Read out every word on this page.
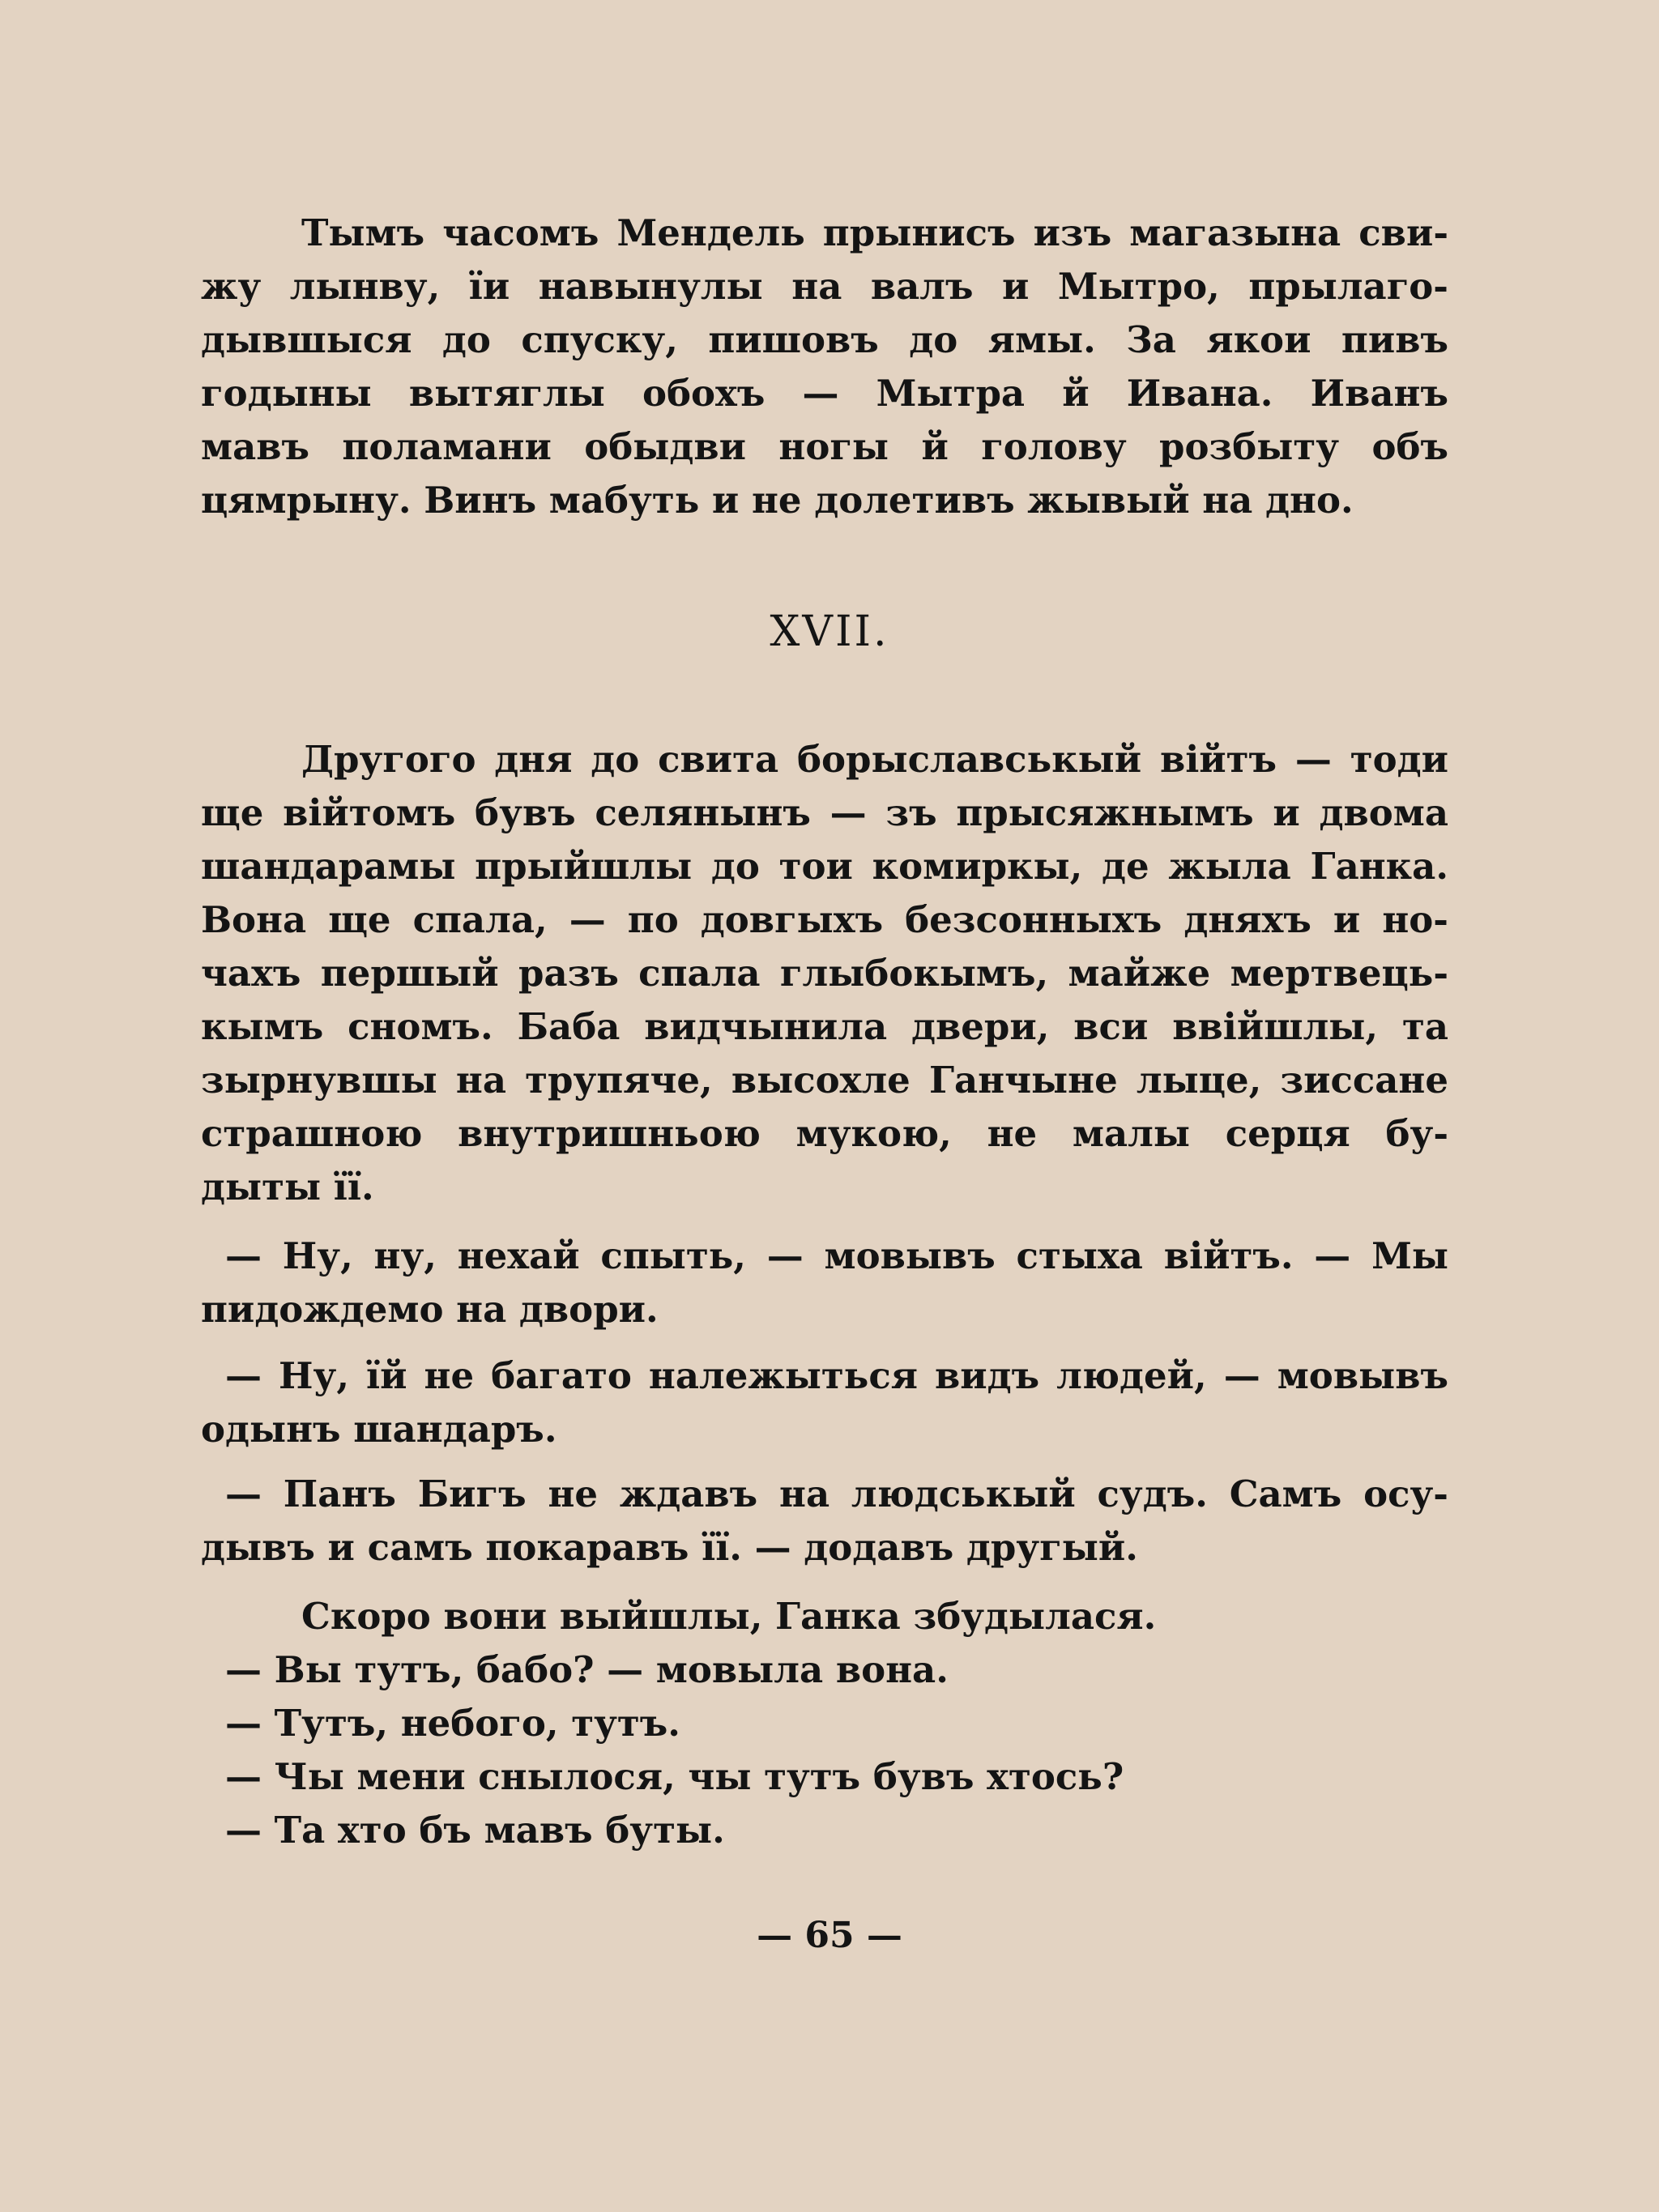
Тымъ часомъ Мендель прынисъ изъ магазына сви-
жу лынву, їи навынулы на валъ и Мытро, прылаго-
дывшыся до спуску, пишовъ до ямы. За якои пивъ
годыны вытяглы обохъ — Мытра й Ивана. Иванъ
мавъ поламани обыдви ногы й голову розбыту объ
цямрыну. Винъ мабуть и не долетивъ жывый на дно.
XVII.
Другого дня до свита борыславськый війтъ — тоди
ще війтомъ бувъ селянынъ — зъ прысяжнымъ и двома
шандарамы прыйшлы до тои комиркы, де жыла Ганка.
Вона ще спала, — по довгыхъ безсонныхъ дняхъ и но-
чахъ першый разъ спала глыбокымъ, майже мертвець-
кымъ сномъ. Баба видчынила двери, вси ввійшлы, та
зырнувшы на трупяче, высохле Ганчыне лыце, зиссане
страшною внутришньою мукою, не малы серця бу-
дыты її.
— Ну, ну, нехай спыть, — мовывъ стыха війтъ. — Мы
пидождемо на двори.
— Ну, їй не багато належыться видъ людей, — мовывъ
одынъ шандаръ.
— Панъ Бигъ не ждавъ на людськый судъ. Самъ осу-
дывъ и самъ покаравъ її. — додавъ другый.
Скоро вони выйшлы, Ганка збудылася.
— Вы тутъ, бабо? — мовыла вона.
— Тутъ, небого, тутъ.
— Чы мени снылося, чы тутъ бувъ хтось?
— Та хто бъ мавъ буты.
— 65 —
